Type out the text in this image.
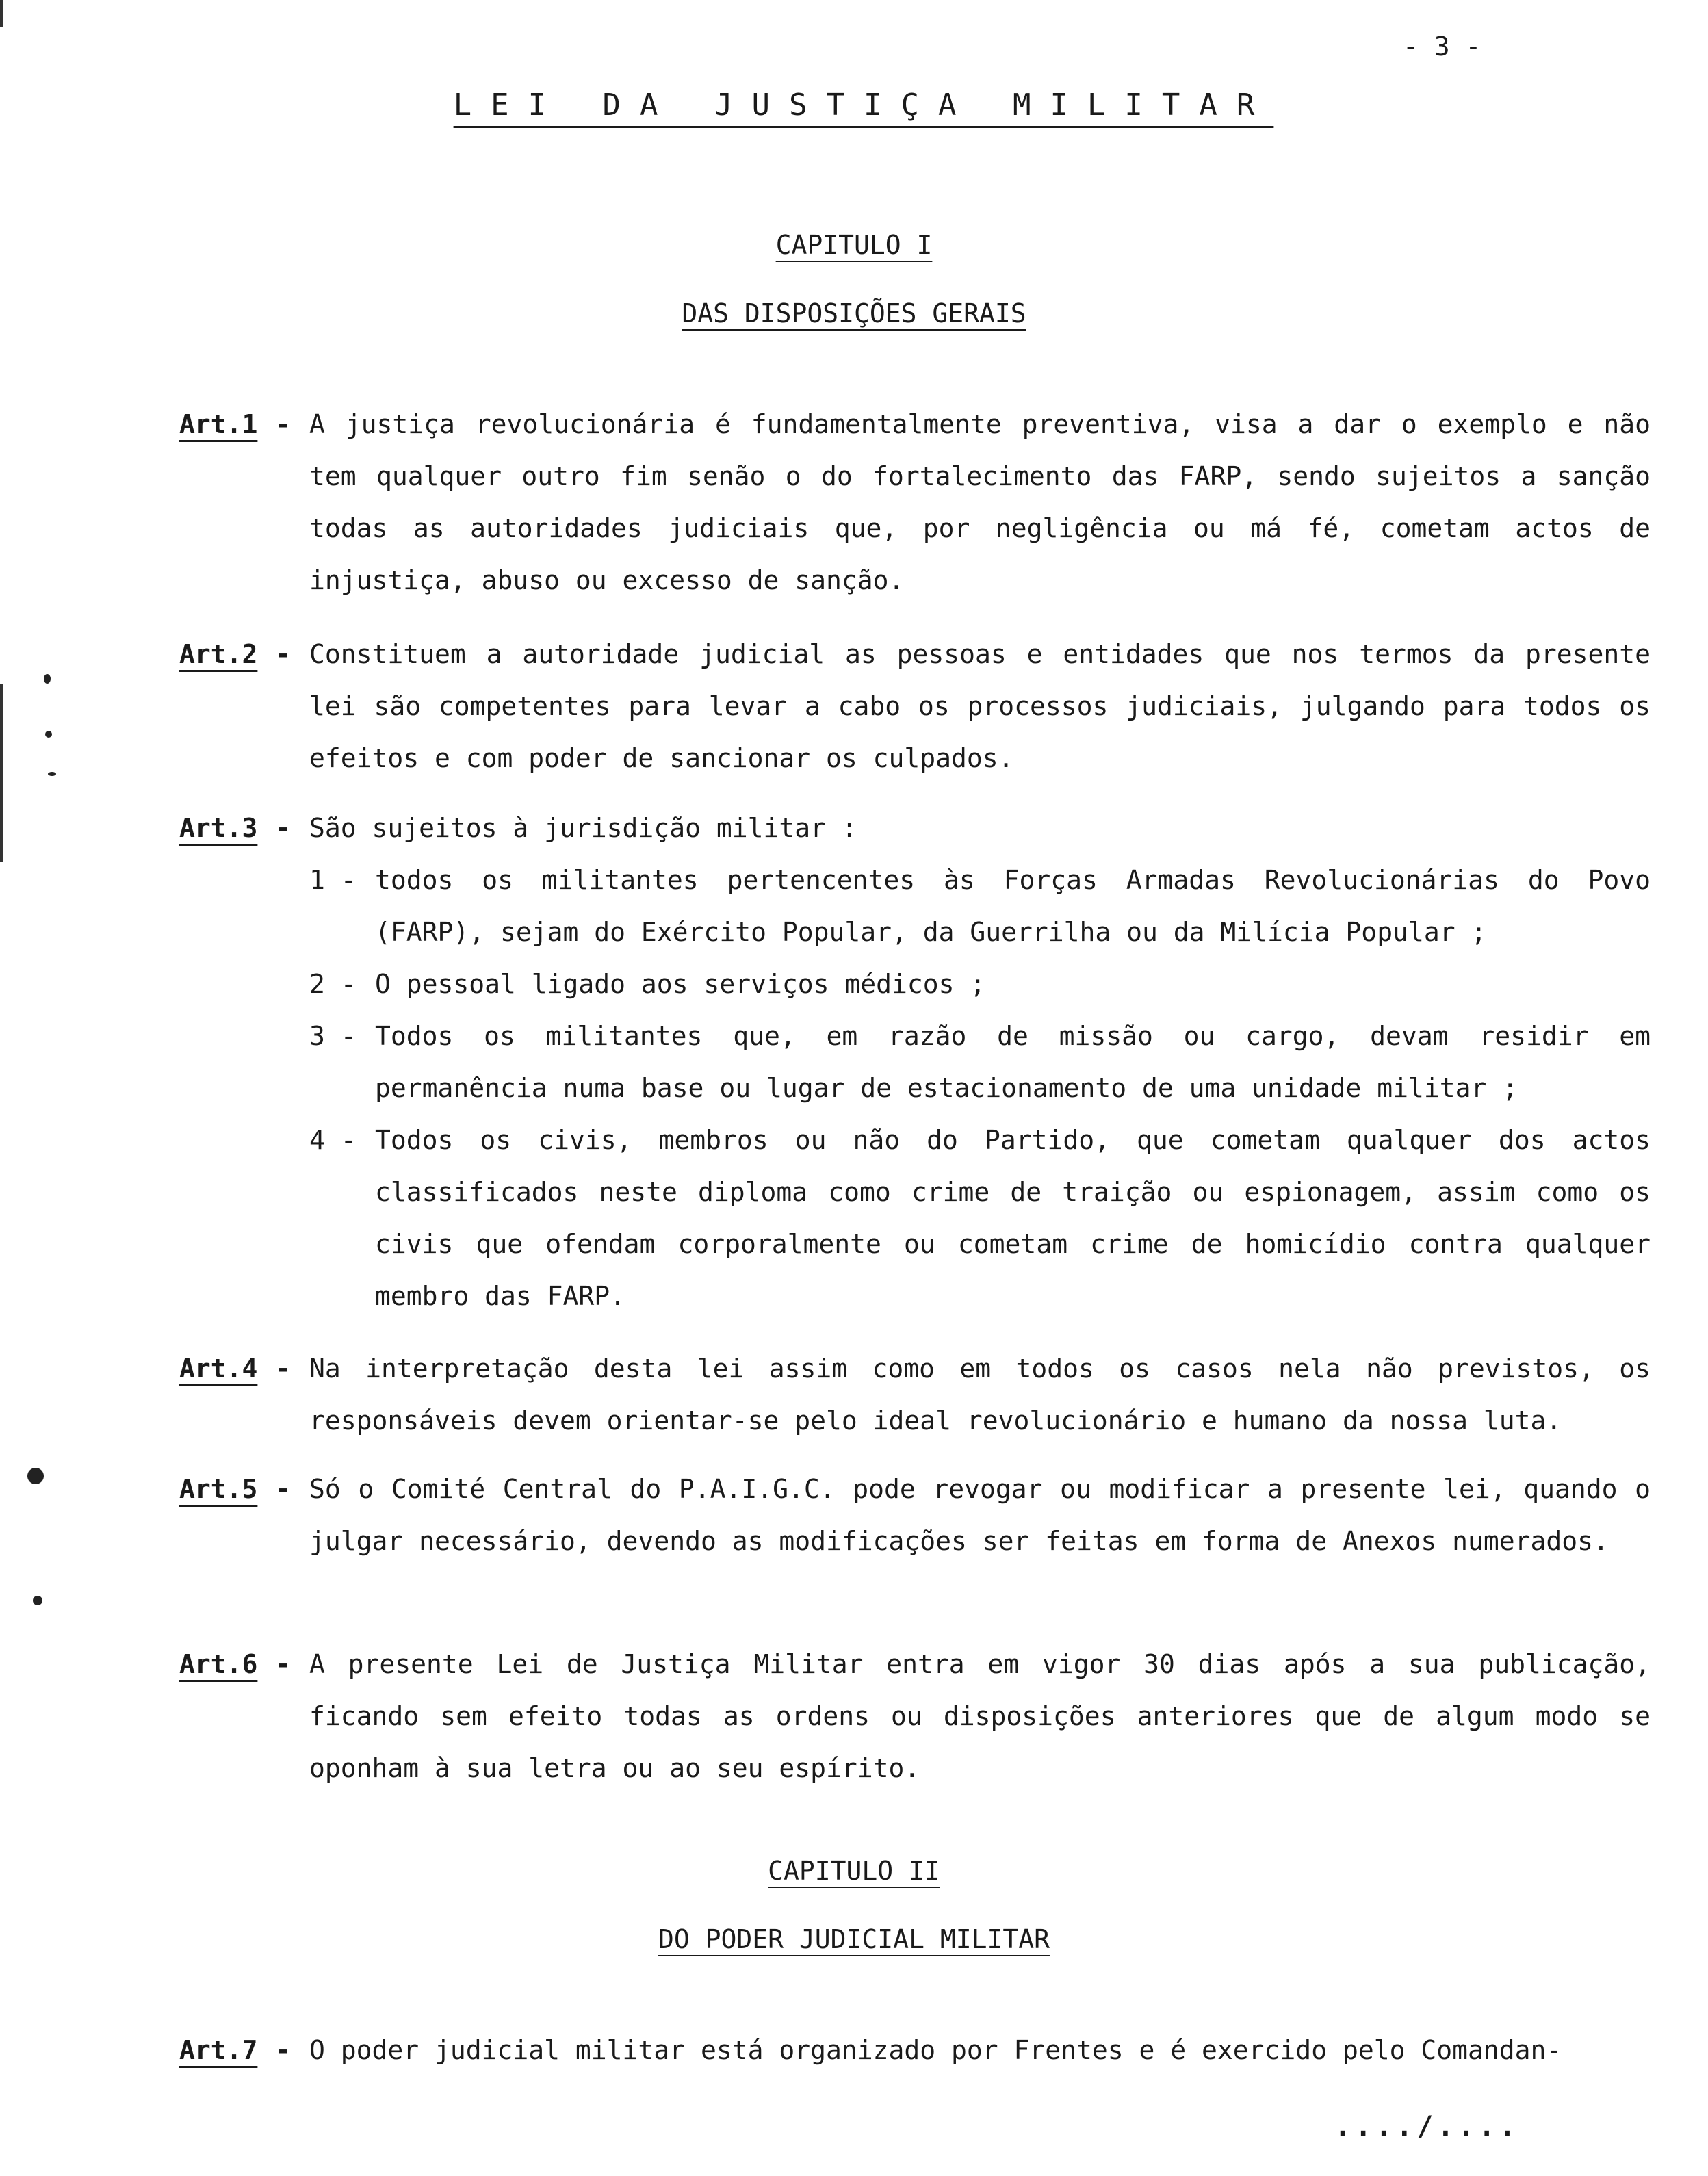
- 3 -
LEI DA JUSTIÇA MILITAR
CAPITULO I
DAS DISPOSIÇÕES GERAIS
Art.1 - A justiça revolucionária é fundamentalmente preventiva, visa a dar o exemplo e não tem qualquer outro fim senão o do fortalecimento das FARP, sendo sujeitos a sanção todas as autoridades judiciais que, por negligência ou má fé, cometam actos de injustiça, abuso ou excesso de sanção.
Art.2 - Constituem a autoridade judicial as pessoas e entidades que nos termos da presente lei são competentes para levar a cabo os processos judiciais, julgando para todos os efeitos e com poder de sancionar os culpados.
Art.3 - São sujeitos à jurisdição militar :
1 - todos os militantes pertencentes às Forças Armadas Revolucionárias do Povo (FARP), sejam do Exército Popular, da Guerrilha ou da Milícia Popular ;
2 - O pessoal ligado aos serviços médicos ;
3 - Todos os militantes que, em razão de missão ou cargo, devam residir em permanência numa base ou lugar de estacionamento de uma unidade militar ;
4 - Todos os civis, membros ou não do Partido, que cometam qualquer dos actos classificados neste diploma como crime de traição ou espionagem, assim como os civis que ofendam corporalmente ou cometam crime de homicídio contra qualquer membro das FARP.
Art.4 - Na interpretação desta lei assim como em todos os casos nela não previstos, os responsáveis devem orientar-se pelo ideal revolucionário e humano da nossa luta.
Art.5 - Só o Comité Central do P.A.I.G.C. pode revogar ou modificar a presente lei, quando o julgar necessário, devendo as modificações ser feitas em forma de Anexos numerados.
Art.6 - A presente Lei de Justiça Militar entra em vigor 30 dias após a sua publicação, ficando sem efeito todas as ordens ou disposições anteriores que de algum modo se oponham à sua letra ou ao seu espírito.
CAPITULO II
DO PODER JUDICIAL MILITAR
Art.7 - O poder judicial militar está organizado por Frentes e é exercido pelo Comandan-
..../....
